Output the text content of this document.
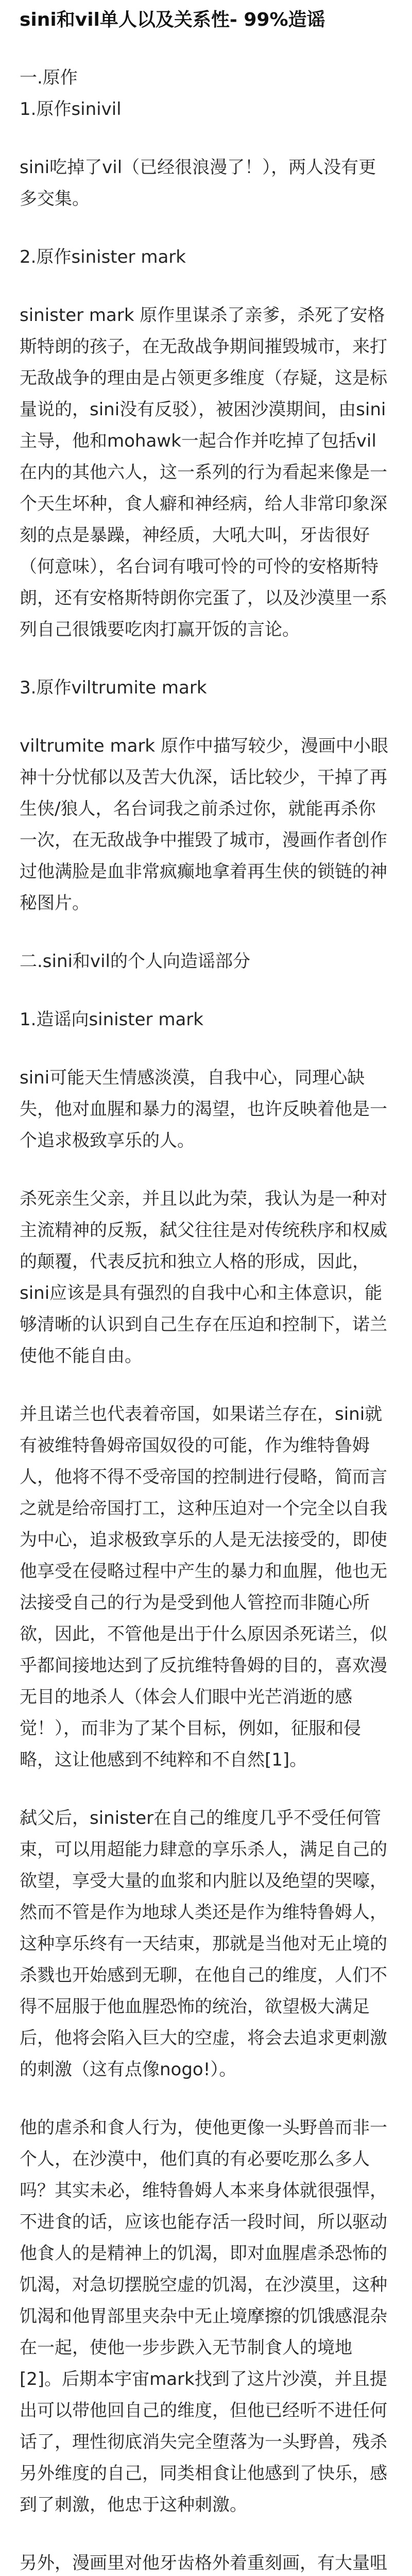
sini和vil单人以及关系性- 99%造谣

一.原作

1.原作sinivil

sini吃掉了vil（已经很浪漫了！），两人没有更多交集。

2.原作sinister mark

sinister mark 原作里谋杀了亲爹，杀死了安格斯特朗的孩子，在无敌战争期间摧毁城市，来打无敌战争的理由是占领更多维度（存疑，这是标量说的，sini没有反驳），被困沙漠期间，由sini主导，他和mohawk一起合作并吃掉了包括vil在内的其他六人，这一系列的行为看起来像是一个天生坏种，食人癖和神经病，给人非常印象深刻的点是暴躁，神经质，大吼大叫，牙齿很好（何意味），名台词有哦可怜的可怜的安格斯特朗，还有安格斯特朗你完蛋了，以及沙漠里一系列自己很饿要吃肉打赢开饭的言论。

3.原作viltrumite mark

viltrumite mark 原作中描写较少，漫画中小眼神十分忧郁以及苦大仇深，话比较少，干掉了再生侠/狼人，名台词我之前杀过你，就能再杀你一次，在无敌战争中摧毁了城市，漫画作者创作过他满脸是血非常疯癫地拿着再生侠的锁链的神秘图片。

二.sini和vil的个人向造谣部分

1.造谣向sinister mark

sini可能天生情感淡漠，自我中心，同理心缺失，他对血腥和暴力的渴望，也许反映着他是一个追求极致享乐的人。

杀死亲生父亲，并且以此为荣，我认为是一种对主流精神的反叛，弑父往往是对传统秩序和权威的颠覆，代表反抗和独立人格的形成，因此，sini应该是具有强烈的自我中心和主体意识，能够清晰的认识到自己生存在压迫和控制下，诺兰使他不能自由。

并且诺兰也代表着帝国，如果诺兰存在，sini就有被维特鲁姆帝国奴役的可能，作为维特鲁姆人，他将不得不受帝国的控制进行侵略，简而言之就是给帝国打工，这种压迫对一个完全以自我为中心，追求极致享乐的人是无法接受的，即使他享受在侵略过程中产生的暴力和血腥，他也无法接受自己的行为是受到他人管控而非随心所欲，因此，不管他是出于什么原因杀死诺兰，似乎都间接地达到了反抗维特鲁姆的目的，喜欢漫无目的地杀人（体会人们眼中光芒消逝的感觉！），而非为了某个目标，例如，征服和侵略，这让他感到不纯粹和不自然[1]。

弑父后，sinister在自己的维度几乎不受任何管束，可以用超能力肆意的享乐杀人，满足自己的欲望，享受大量的血浆和内脏以及绝望的哭嚎，然而不管是作为地球人类还是作为维特鲁姆人，这种享乐终有一天结束，那就是当他对无止境的杀戮也开始感到无聊，在他自己的维度，人们不得不屈服于他血腥恐怖的统治，欲望极大满足后，他将会陷入巨大的空虚，将会去追求更刺激的刺激（这有点像nogo!）。

他的虐杀和食人行为，使他更像一头野兽而非一个人，在沙漠中，他们真的有必要吃那么多人吗？其实未必，维特鲁姆人本来身体就很强悍，不进食的话，应该也能存活一段时间，所以驱动他食人的是精神上的饥渴，即对血腥虐杀恐怖的饥渴，对急切摆脱空虚的饥渴，在沙漠里，这种饥渴和他胃部里夹杂中无止境摩擦的饥饿感混杂在一起，使他一步步跌入无节制食人的境地[2]。后期本宇宙mark找到了这片沙漠，并且提出可以带他回自己的维度，但他已经听不进任何话了，理性彻底消失完全堕落为一头野兽，残杀另外维度的自己，同类相食让他感到了快乐，感到了刺激，他忠于这种刺激。

另外，漫画里对他牙齿格外着重刻画，有大量咀
